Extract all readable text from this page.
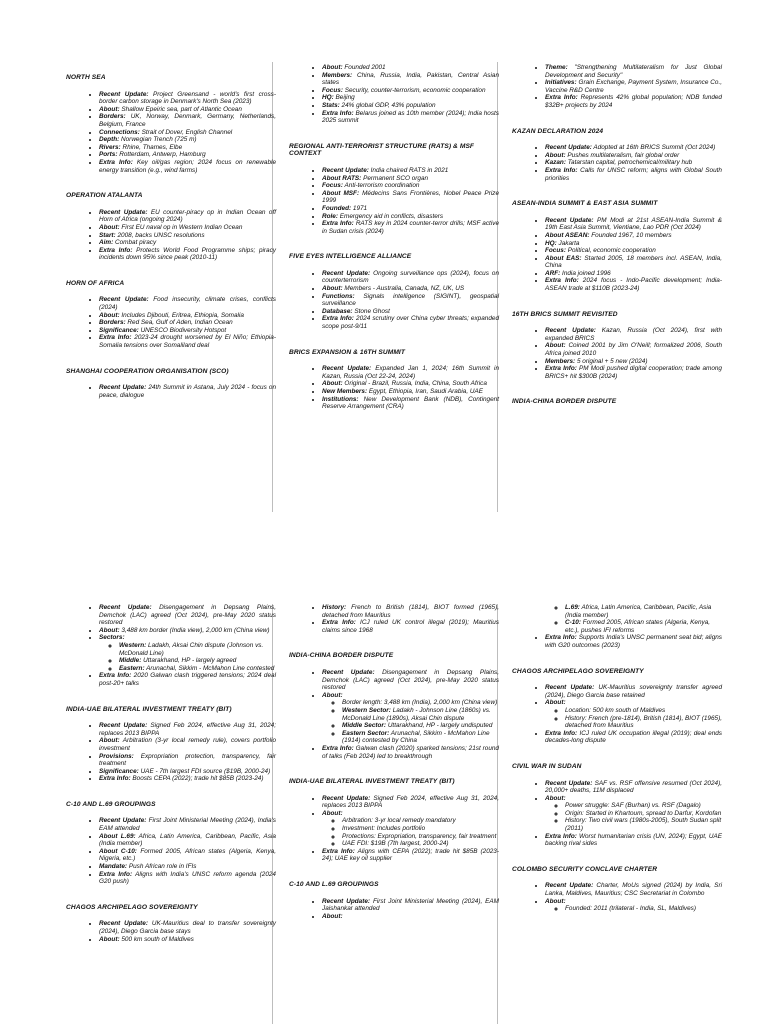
NORTH SEA
• Recent Update: Project Greensand - world's first cross-border carbon storage in Denmark's North Sea (2023)
• About: Shallow Epeiric sea, part of Atlantic Ocean
• Borders: UK, Norway, Denmark, Germany, Netherlands, Belgium, France
• Connections: Strait of Dover, English Channel
• Depth: Norwegian Trench (725 m)
• Rivers: Rhine, Thames, Elbe
• Ports: Rotterdam, Antwerp, Hamburg
• Extra Info: Key oil/gas region; 2024 focus on renewable energy transition (e.g., wind farms)
OPERATION ATALANTA
• Recent Update: EU counter-piracy op in Indian Ocean off Horn of Africa (ongoing 2024)
• About: First EU naval op in Western Indian Ocean
• Start: 2008, backs UNSC resolutions
• Aim: Combat piracy
• Extra Info: Protects World Food Programme ships; piracy incidents down 95% since peak (2010-11)
HORN OF AFRICA
• Recent Update: Food insecurity, climate crises, conflicts (2024)
• About: Includes Djibouti, Eritrea, Ethiopia, Somalia
• Borders: Red Sea, Gulf of Aden, Indian Ocean
• Significance: UNESCO Biodiversity Hotspot
• Extra Info: 2023-24 drought worsened by El Niño; Ethiopia-Somalia tensions over Somaliland deal
SHANGHAI COOPERATION ORGANISATION (SCO)
• Recent Update: 24th Summit in Astana, July 2024 - focus on peace, dialogue
• About: Founded 2001
• Members: China, Russia, India, Pakistan, Central Asian states
• Focus: Security, counter-terrorism, economic cooperation
• HQ: Beijing
• Stats: 24% global GDP, 43% population
• Extra Info: Belarus joined as 10th member (2024); India hosts 2025 summit
REGIONAL ANTI-TERRORIST STRUCTURE (RATS) & MSF CONTEXT
• Recent Update: India chaired RATS in 2021
• About RATS: Permanent SCO organ
• Focus: Anti-terrorism coordination
• About MSF: Médecins Sans Frontières, Nobel Peace Prize 1999
• Founded: 1971
• Role: Emergency aid in conflicts, disasters
• Extra Info: RATS key in 2024 counter-terror drills; MSF active in Sudan crisis (2024)
FIVE EYES INTELLIGENCE ALLIANCE
• Recent Update: Ongoing surveillance ops (2024), focus on counterterrorism
• About: Members - Australia, Canada, NZ, UK, US
• Functions: Signals intelligence (SIGINT), geospatial surveillance
• Database: Stone Ghost
• Extra Info: 2024 scrutiny over China cyber threats; expanded scope post-9/11
BRICS EXPANSION & 16TH SUMMIT
• Recent Update: Expanded Jan 1, 2024; 16th Summit in Kazan, Russia (Oct 22-24, 2024)
• About: Original - Brazil, Russia, India, China, South Africa
• New Members: Egypt, Ethiopia, Iran, Saudi Arabia, UAE
• Institutions: New Development Bank (NDB), Contingent Reserve Arrangement (CRA)
• Theme: "Strengthening Multilateralism for Just Global Development and Security"
• Initiatives: Grain Exchange, Payment System, Insurance Co., Vaccine R&D Centre
• Extra Info: Represents 42% global population; NDB funded $32B+ projects by 2024
KAZAN DECLARATION 2024
• Recent Update: Adopted at 16th BRICS Summit (Oct 2024)
• About: Pushes multilateralism, fair global order
• Kazan: Tatarstan capital, petrochemical/military hub
• Extra Info: Calls for UNSC reform; aligns with Global South priorities
ASEAN-INDIA SUMMIT & EAST ASIA SUMMIT
• Recent Update: PM Modi at 21st ASEAN-India Summit & 19th East Asia Summit, Vientiane, Lao PDR (Oct 2024)
• About ASEAN: Founded 1967, 10 members
• HQ: Jakarta
• Focus: Political, economic cooperation
• About EAS: Started 2005, 18 members incl. ASEAN, India, China
• ARF: India joined 1996
• Extra Info: 2024 focus - Indo-Pacific development; India-ASEAN trade at $110B (2023-24)
16TH BRICS SUMMIT REVISITED
• Recent Update: Kazan, Russia (Oct 2024), first with expanded BRICS
• About: Coined 2001 by Jim O'Neill; formalized 2006, South Africa joined 2010
• Members: 5 original + 5 new (2024)
• Extra Info: PM Modi pushed digital cooperation; trade among BRICS+ hit $300B (2024)
INDIA-CHINA BORDER DISPUTE
• Recent Update: Disengagement in Depsang Plains, Demchok (LAC) agreed (Oct 2024), pre-May 2020 status restored
• About: 3,488 km border (India view), 2,000 km (China view)
• Sectors:
◦ Western: Ladakh, Aksai Chin dispute (Johnson vs. McDonald Line)
◦ Middle: Uttarakhand, HP - largely agreed
◦ Eastern: Arunachal, Sikkim - McMahon Line contested
• Extra Info: 2020 Galwan clash triggered tensions; 2024 deal post-20+ talks
INDIA-UAE BILATERAL INVESTMENT TREATY (BIT)
• Recent Update: Signed Feb 2024, effective Aug 31, 2024; replaces 2013 BIPPA
• About: Arbitration (3-yr local remedy rule), covers portfolio investment
• Provisions: Expropriation protection, transparency, fair treatment
• Significance: UAE - 7th largest FDI source ($19B, 2000-24)
• Extra Info: Boosts CEPA (2022); trade hit $85B (2023-24)
C-10 AND L.69 GROUPINGS
• Recent Update: First Joint Ministerial Meeting (2024), India's EAM attended
• About L.69: Africa, Latin America, Caribbean, Pacific, Asia (India member)
• About C-10: Formed 2005, African states (Algeria, Kenya, Nigeria, etc.)
• Mandate: Push African role in IFIs
• Extra Info: Aligns with India's UNSC reform agenda (2024 G20 push)
CHAGOS ARCHIPELAGO SOVEREIGNTY
• Recent Update: UK-Mauritius deal to transfer sovereignty (2024), Diego Garcia base stays
• About: 500 km south of Maldives
• History: French to British (1814), BIOT formed (1965), detached from Mauritius
• Extra Info: ICJ ruled UK control illegal (2019); Mauritius claims since 1968
INDIA-CHINA BORDER DISPUTE
• Recent Update: Disengagement in Depsang Plains, Demchok (LAC) agreed (Oct 2024), pre-May 2020 status restored
• About:
◦ Border length: 3,488 km (India), 2,000 km (China view)
◦ Western Sector: Ladakh - Johnson Line (1860s) vs. McDonald Line (1890s), Aksai Chin dispute
◦ Middle Sector: Uttarakhand, HP - largely undisputed
◦ Eastern Sector: Arunachal, Sikkim - McMahon Line (1914) contested by China
• Extra Info: Galwan clash (2020) sparked tensions; 21st round of talks (Feb 2024) led to breakthrough
INDIA-UAE BILATERAL INVESTMENT TREATY (BIT)
• Recent Update: Signed Feb 2024, effective Aug 31, 2024, replaces 2013 BIPPA
• About:
◦ Arbitration: 3-yr local remedy mandatory
◦ Investment: Includes portfolio
◦ Protections: Expropriation, transparency, fair treatment
◦ UAE FDI: $19B (7th largest, 2000-24)
• Extra Info: Aligns with CEPA (2022); trade hit $85B (2023-24); UAE key oil supplier
C-10 AND L.69 GROUPINGS
• Recent Update: First Joint Ministerial Meeting (2024), EAM Jaishankar attended
• About:
◦ L.69: Africa, Latin America, Caribbean, Pacific, Asia (India member)
◦ C-10: Formed 2005, African states (Algeria, Kenya, etc.), pushes IFI reforms
• Extra Info: Supports India's UNSC permanent seat bid; aligns with G20 outcomes (2023)
CHAGOS ARCHIPELAGO SOVEREIGNTY
• Recent Update: UK-Mauritius sovereignty transfer agreed (2024), Diego Garcia base retained
• About:
◦ Location: 500 km south of Maldives
◦ History: French (pre-1814), British (1814), BIOT (1965), detached from Mauritius
• Extra Info: ICJ ruled UK occupation illegal (2019); deal ends decades-long dispute
CIVIL WAR IN SUDAN
• Recent Update: SAF vs. RSF offensive resumed (Oct 2024), 20,000+ deaths, 11M displaced
• About:
◦ Power struggle: SAF (Burhan) vs. RSF (Dagalo)
◦ Origin: Started in Khartoum, spread to Darfur, Kordofan
◦ History: Two civil wars (1980s-2005), South Sudan split (2011)
• Extra Info: Worst humanitarian crisis (UN, 2024); Egypt, UAE backing rival sides
COLOMBO SECURITY CONCLAVE CHARTER
• Recent Update: Charter, MoUs signed (2024) by India, Sri Lanka, Maldives, Mauritius; CSC Secretariat in Colombo
• About:
◦ Founded: 2011 (trilateral - India, SL, Maldives)
